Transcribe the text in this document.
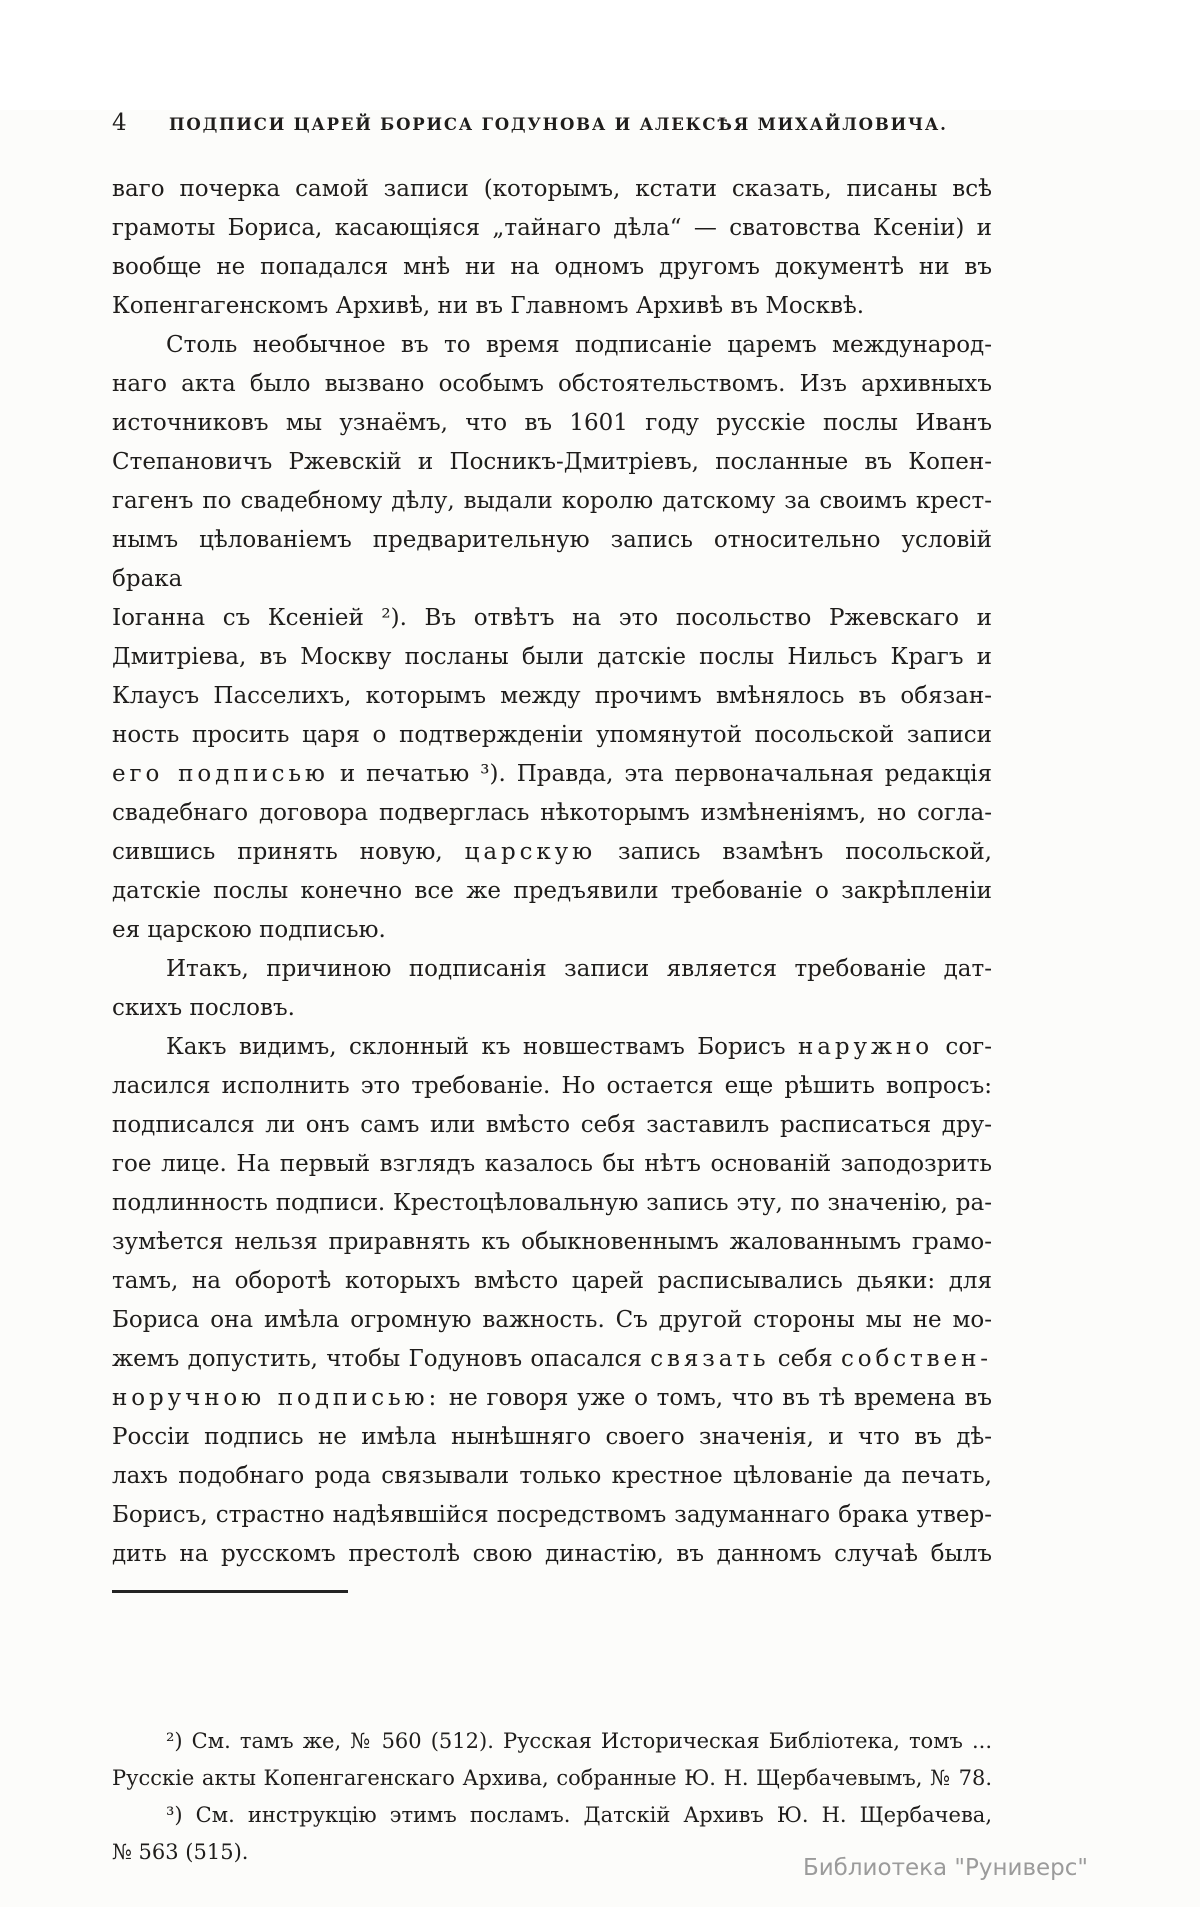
4	ПОДПИСИ ЦАРЕЙ БОРИСА ГОДУНОВА И АЛЕКСѢЯ МИХАЙЛОВИЧА.
ваго почерка самой записи (которымъ, кстати сказать, писаны всѣ
грамоты Бориса, касающіяся „тайнаго дѣла“ — сватовства Ксеніи) и
вообще не попадался мнѣ ни на одномъ другомъ документѣ ни въ
Копенгагенскомъ Архивѣ, ни въ Главномъ Архивѣ въ Москвѣ.
Столь необычное въ то время подписаніе царемъ международ-
наго акта было вызвано особымъ обстоятельствомъ. Изъ архивныхъ
источниковъ мы узнаёмъ, что въ 1601 году русскіе послы Иванъ
Степановичъ Ржевскій и Посникъ-Дмитріевъ, посланные въ Копен-
гагенъ по свадебному дѣлу, выдали королю датскому за своимъ крест-
нымъ цѣлованіемъ предварительную запись относительно условій брака
Іоганна съ Ксеніей ²). Въ отвѣтъ на это посольство Ржевскаго и
Дмитріева, въ Москву посланы были датскіе послы Нильсъ Крагъ и
Клаусъ Пасселихъ, которымъ между прочимъ вмѣнялось въ обязан-
ность просить царя о подтвержденіи упомянутой посольской записи
его подписью и печатью ³). Правда, эта первоначальная редакція
свадебнаго договора подверглась нѣкоторымъ измѣненіямъ, но согла-
сившись принять новую, царскую запись взамѣнъ посольской,
датскіе послы конечно все же предъявили требованіе о закрѣпленіи
ея царскою подписью.
Итакъ, причиною подписанія записи является требованіе дат-
скихъ пословъ.
Какъ видимъ, склонный къ новшествамъ Борисъ наружно сог-
ласился исполнить это требованіе. Но остается еще рѣшить вопросъ:
подписался ли онъ самъ или вмѣсто себя заставилъ расписаться дру-
гое лице. На первый взглядъ казалось бы нѣтъ основаній заподозрить
подлинность подписи. Крестоцѣловальную запись эту, по значенію, ра-
зумѣется нельзя приравнять къ обыкновеннымъ жалованнымъ грамо-
тамъ, на оборотѣ которыхъ вмѣсто царей расписывались дьяки: для
Бориса она имѣла огромную важность. Съ другой стороны мы не мо-
жемъ допустить, чтобы Годуновъ опасался связать себя собствен-
норучною подписью: не говоря уже о томъ, что въ тѣ времена въ
Россіи подпись не имѣла нынѣшняго своего значенія, и что въ дѣ-
лахъ подобнаго рода связывали только крестное цѣлованіе да печать,
Борисъ, страстно надѣявшійся посредствомъ задуманнаго брака утвер-
дить на русскомъ престолѣ свою династію, въ данномъ случаѣ былъ
²) См. тамъ же, № 560 (512). Русская Историческая Библіотека, томъ ...
Русскіе акты Копенгагенскаго Архива, собранные Ю. Н. Щербачевымъ, № 78.
³) См. инструкцію этимъ посламъ. Датскій Архивъ Ю. Н. Щербачева,
№ 563 (515).
Библиотека "Руниверс"
